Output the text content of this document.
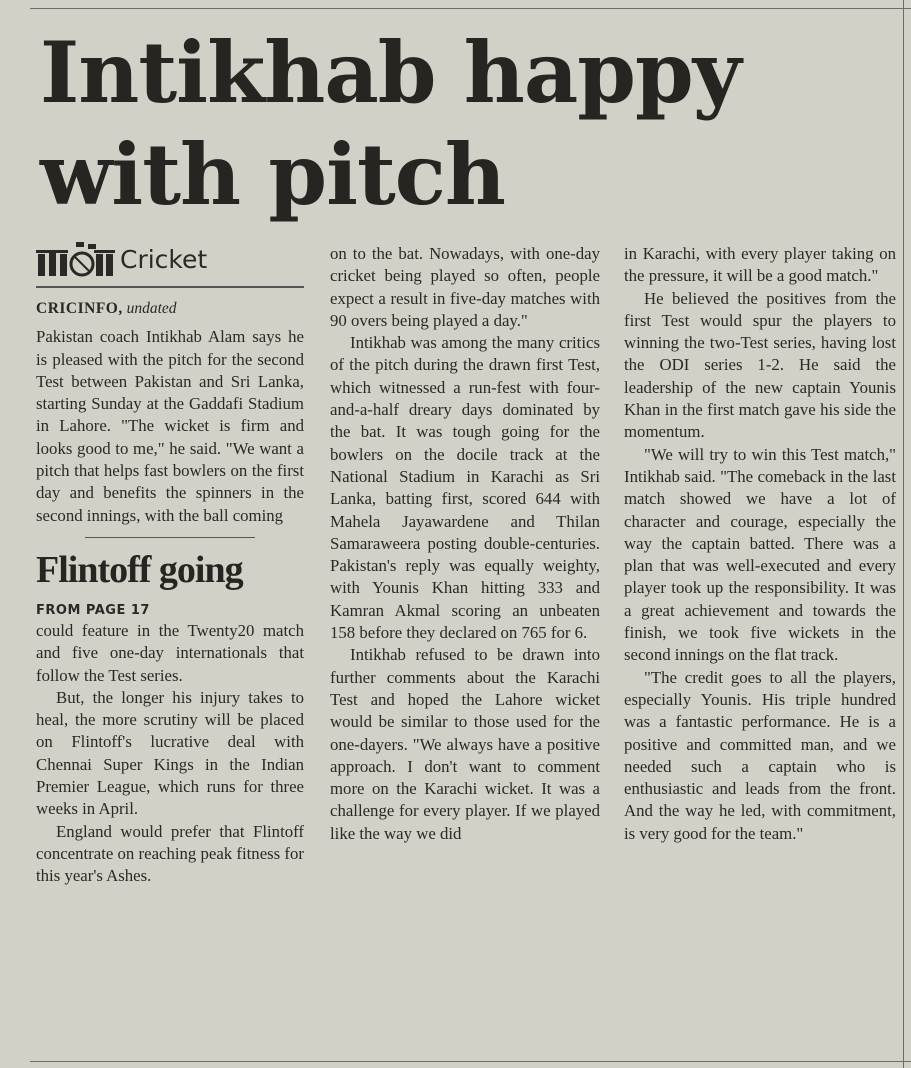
Intikhab happy with pitch
Cricket
CRICINFO, undated

Pakistan coach Intikhab Alam says he is pleased with the pitch for the second Test between Pakistan and Sri Lanka, starting Sunday at the Gaddafi Stadium in Lahore. "The wicket is firm and looks good to me," he said. "We want a pitch that helps fast bowlers on the first day and benefits the spinners in the second innings, with the ball coming

Flintoff going
FROM PAGE 17

could feature in the Twenty20 match and five one-day internationals that follow the Test series.

But, the longer his injury takes to heal, the more scrutiny will be placed on Flintoff's lucrative deal with Chennai Super Kings in the Indian Premier League, which runs for three weeks in April.

England would prefer that Flintoff concentrate on reaching peak fitness for this year's Ashes.

on to the bat. Nowadays, with one-day cricket being played so often, people expect a result in five-day matches with 90 overs being played a day."

Intikhab was among the many critics of the pitch during the drawn first Test, which witnessed a run-fest with four-and-a-half dreary days dominated by the bat. It was tough going for the bowlers on the docile track at the National Stadium in Karachi as Sri Lanka, batting first, scored 644 with Mahela Jayawardene and Thilan Samaraweera posting double-centuries. Pakistan's reply was equally weighty, with Younis Khan hitting 333 and Kamran Akmal scoring an unbeaten 158 before they declared on 765 for 6.

Intikhab refused to be drawn into further comments about the Karachi Test and hoped the Lahore wicket would be similar to those used for the one-dayers. "We always have a positive approach. I don't want to comment more on the Karachi wicket. It was a challenge for every player. If we played like the way we did

in Karachi, with every player taking on the pressure, it will be a good match."

He believed the positives from the first Test would spur the players to winning the two-Test series, having lost the ODI series 1-2. He said the leadership of the new captain Younis Khan in the first match gave his side the momentum.

"We will try to win this Test match," Intikhab said. "The comeback in the last match showed we have a lot of character and courage, especially the way the captain batted. There was a plan that was well-executed and every player took up the responsibility. It was a great achievement and towards the finish, we took five wickets in the second innings on the flat track.

"The credit goes to all the players, especially Younis. His triple hundred was a fantastic performance. He is a positive and committed man, and we needed such a captain who is enthusiastic and leads from the front. And the way he led, with commitment, is very good for the team."
